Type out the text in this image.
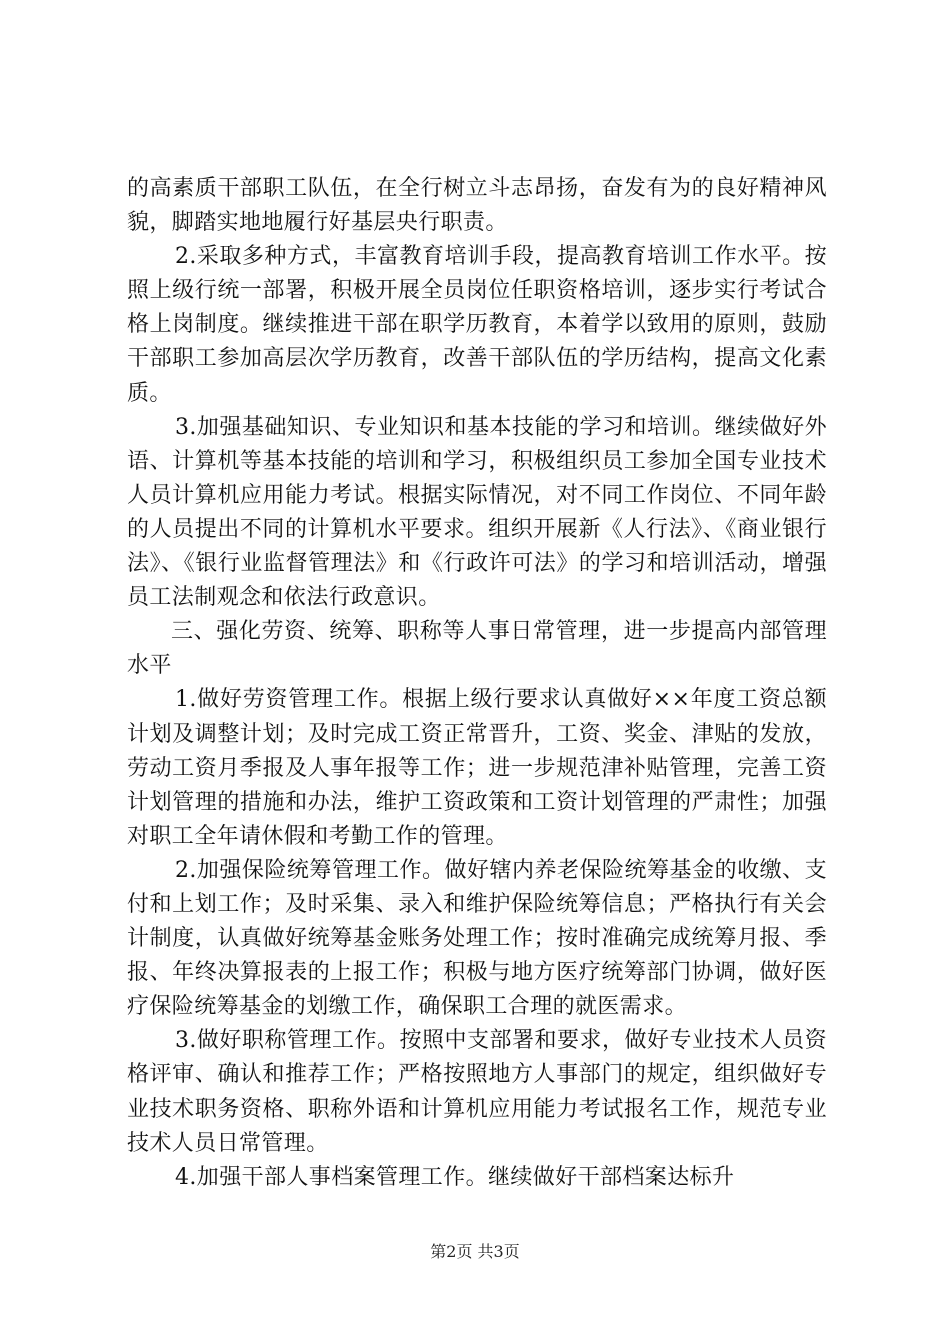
的高素质干部职工队伍，在全行树立斗志昂扬，奋发有为的良好精神风貌，脚踏实地地履行好基层央行职责。

2.采取多种方式，丰富教育培训手段，提高教育培训工作水平。按照上级行统一部署，积极开展全员岗位任职资格培训，逐步实行考试合格上岗制度。继续推进干部在职学历教育，本着学以致用的原则，鼓励干部职工参加高层次学历教育，改善干部队伍的学历结构，提高文化素质。

3.加强基础知识、专业知识和基本技能的学习和培训。继续做好外语、计算机等基本技能的培训和学习，积极组织员工参加全国专业技术人员计算机应用能力考试。根据实际情况，对不同工作岗位、不同年龄的人员提出不同的计算机水平要求。组织开展新《人行法》、《商业银行法》、《银行业监督管理法》和《行政许可法》的学习和培训活动，增强员工法制观念和依法行政意识。

三、强化劳资、统筹、职称等人事日常管理，进一步提高内部管理水平

1.做好劳资管理工作。根据上级行要求认真做好××年度工资总额计划及调整计划；及时完成工资正常晋升，工资、奖金、津贴的发放，劳动工资月季报及人事年报等工作；进一步规范津补贴管理，完善工资计划管理的措施和办法，维护工资政策和工资计划管理的严肃性；加强对职工全年请休假和考勤工作的管理。

2.加强保险统筹管理工作。做好辖内养老保险统筹基金的收缴、支付和上划工作；及时采集、录入和维护保险统筹信息；严格执行有关会计制度，认真做好统筹基金账务处理工作；按时准确完成统筹月报、季报、年终决算报表的上报工作；积极与地方医疗统筹部门协调，做好医疗保险统筹基金的划缴工作，确保职工合理的就医需求。

3.做好职称管理工作。按照中支部署和要求，做好专业技术人员资格评审、确认和推荐工作；严格按照地方人事部门的规定，组织做好专业技术职务资格、职称外语和计算机应用能力考试报名工作，规范专业技术人员日常管理。

4.加强干部人事档案管理工作。继续做好干部档案达标升

第2页 共3页
